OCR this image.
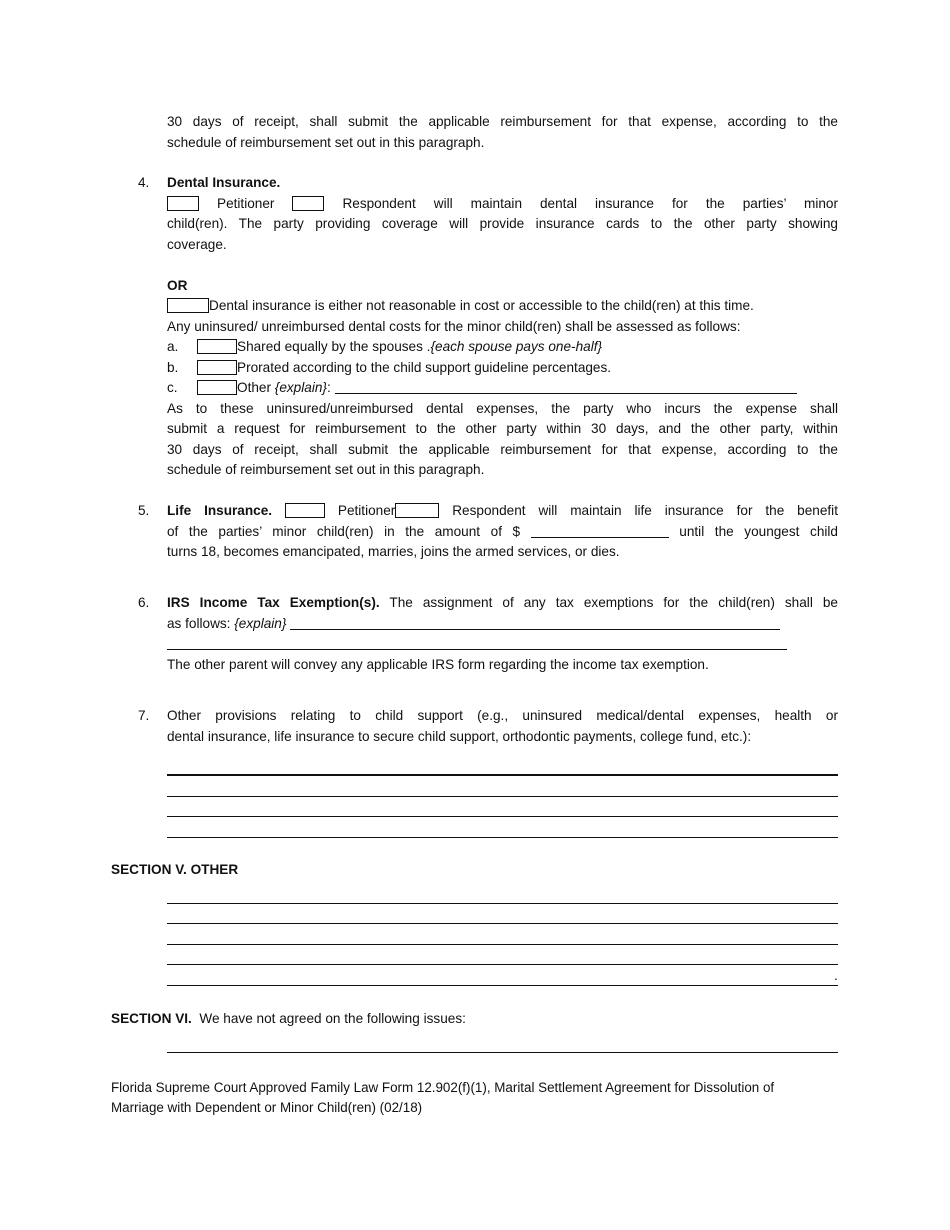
30 days of receipt, shall submit the applicable reimbursement for that expense, according to the
schedule of reimbursement set out in this paragraph.
4. Dental Insurance.
Petitioner	Respondent will maintain dental insurance for the parties’ minor
child(ren). The party providing coverage will provide insurance cards to the other party showing
coverage.

OR
Dental insurance is either not reasonable in cost or accessible to the child(ren) at this time.
Any uninsured/ unreimbursed dental costs for the minor child(ren) shall be assessed as follows:
a.	Shared equally by the spouses .{each spouse pays one-half}
b.	Prorated according to the child support guideline percentages.
c.	Other {explain}:
As to these uninsured/unreimbursed dental expenses, the party who incurs the expense shall
submit a request for reimbursement to the other party within 30 days, and the other party, within
30 days of receipt, shall submit the applicable reimbursement for that expense, according to the
schedule of reimbursement set out in this paragraph.
5. Life Insurance.	Petitioner	Respondent will maintain life insurance for the benefit
of the parties’ minor child(ren) in the amount of $	until the youngest child
turns 18, becomes emancipated, marries, joins the armed services, or dies.
6. IRS Income Tax Exemption(s). The assignment of any tax exemptions for the child(ren) shall be
as follows: {explain}
The other parent will convey any applicable IRS form regarding the income tax exemption.
7. Other provisions relating to child support (e.g., uninsured medical/dental expenses, health or
dental insurance, life insurance to secure child support, orthodontic payments, college fund, etc.):
SECTION V. OTHER
.
SECTION VI.  We have not agreed on the following issues:
Florida Supreme Court Approved Family Law Form 12.902(f)(1), Marital Settlement Agreement for Dissolution of
Marriage with Dependent or Minor Child(ren) (02/18)
